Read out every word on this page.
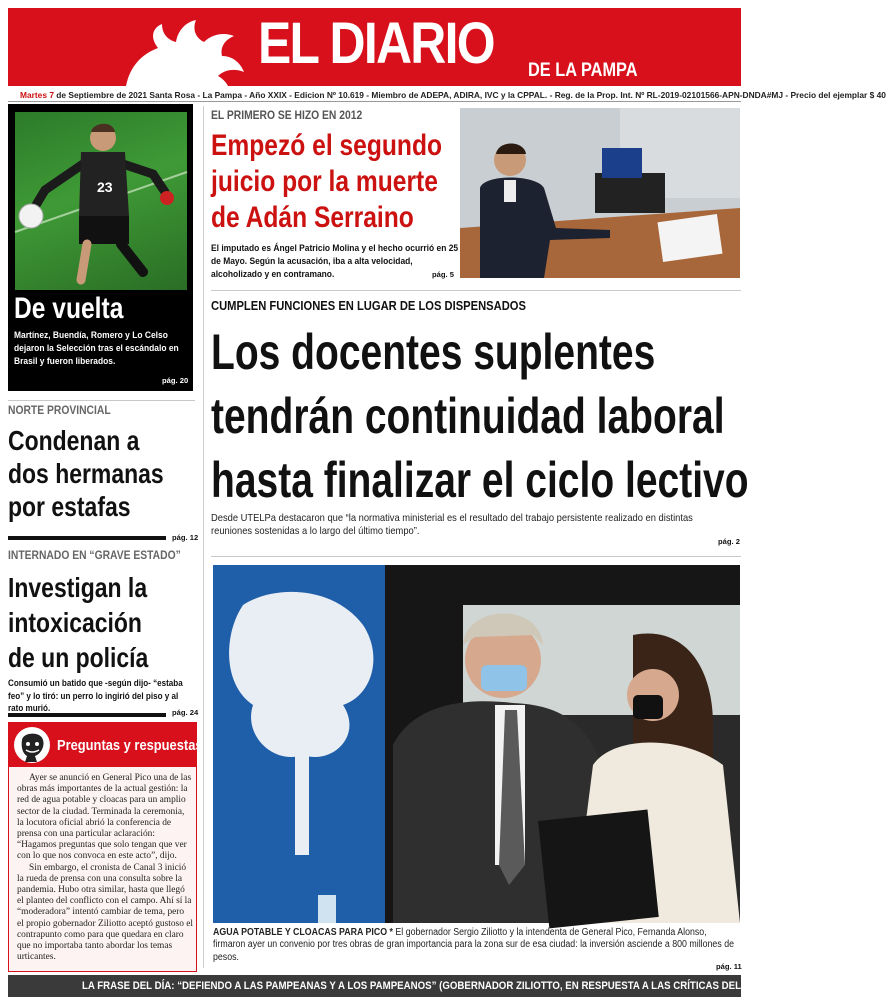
EL DIARIO DE LA PAMPA
Martes 7 de Septiembre de 2021 Santa Rosa - La Pampa - Año XXIX - Edicion Nº 10.619 - Miembro de ADEPA, ADIRA, IVC y la CPPAL. - Reg. de la Prop. Int. Nº RL-2019-02101566-APN-DNDA#MJ - Precio del ejemplar $ 40
23
De vuelta
Martínez, Buendía, Romero y Lo Celso dejaron la Selección tras el escándalo en Brasil y fueron liberados.
pág. 20
NORTE PROVINCIAL
Condenan a
dos hermanas
por estafas
pág. 12
INTERNADO EN “GRAVE ESTADO”
Investigan la
intoxicación
de un policía
Consumió un batido que -según dijo- “estaba feo” y lo tiró: un perro lo ingirió del piso y al rato murió.	pág. 24
Preguntas y respuestas

Ayer se anunció en General Pico una de las obras más importantes de la actual gestión: la red de agua potable y cloacas para un amplio sector de la ciudad. Terminada la ceremonia, la locutora oficial abrió la conferencia de prensa con una particular aclaración: “Hagamos preguntas que solo tengan que ver con lo que nos convoca en este acto”, dijo.

Sin embargo, el cronista de Canal 3 inició la rueda de prensa con una consulta sobre la pandemia. Hubo otra similar, hasta que llegó el planteo del conflicto con el campo. Ahí sí la “moderadora” intentó cambiar de tema, pero el propio gobernador Ziliotto aceptó gustoso el contrapunto como para que quedara en claro que no importaba tanto abordar los temas urticantes.

EL PRIMERO SE HIZO EN 2012
Empezó el segundo
juicio por la muerte
de Adán Serraino
El imputado es Ángel Patricio Molina y el hecho ocurrió en 25 de Mayo. Según la acusación, iba a alta velocidad, alcoholizado y en contramano.	pág. 5
CUMPLEN FUNCIONES EN LUGAR DE LOS DISPENSADOS
Los docentes suplentes
tendrán continuidad laboral
hasta finalizar el ciclo lectivo
Desde UTELPa destacaron que “la normativa ministerial es el resultado del trabajo persistente realizado en distintas reuniones sostenidas a lo largo del último tiempo”.
pág. 2
AGUA POTABLE Y CLOACAS PARA PICO * El gobernador Sergio Ziliotto y la intendenta de General Pico, Fernanda Alonso, firmaron ayer un convenio por tres obras de gran importancia para la zona sur de esa ciudad: la inversión asciende a 800 millones de pesos.
pág. 11
LA FRASE DEL DÍA: “DEFIENDO A LAS PAMPEANAS Y A LOS PAMPEANOS” (GOBERNADOR ZILIOTTO, EN RESPUESTA A LAS CRÍTICAS DEL CAMPO). pág. 7
